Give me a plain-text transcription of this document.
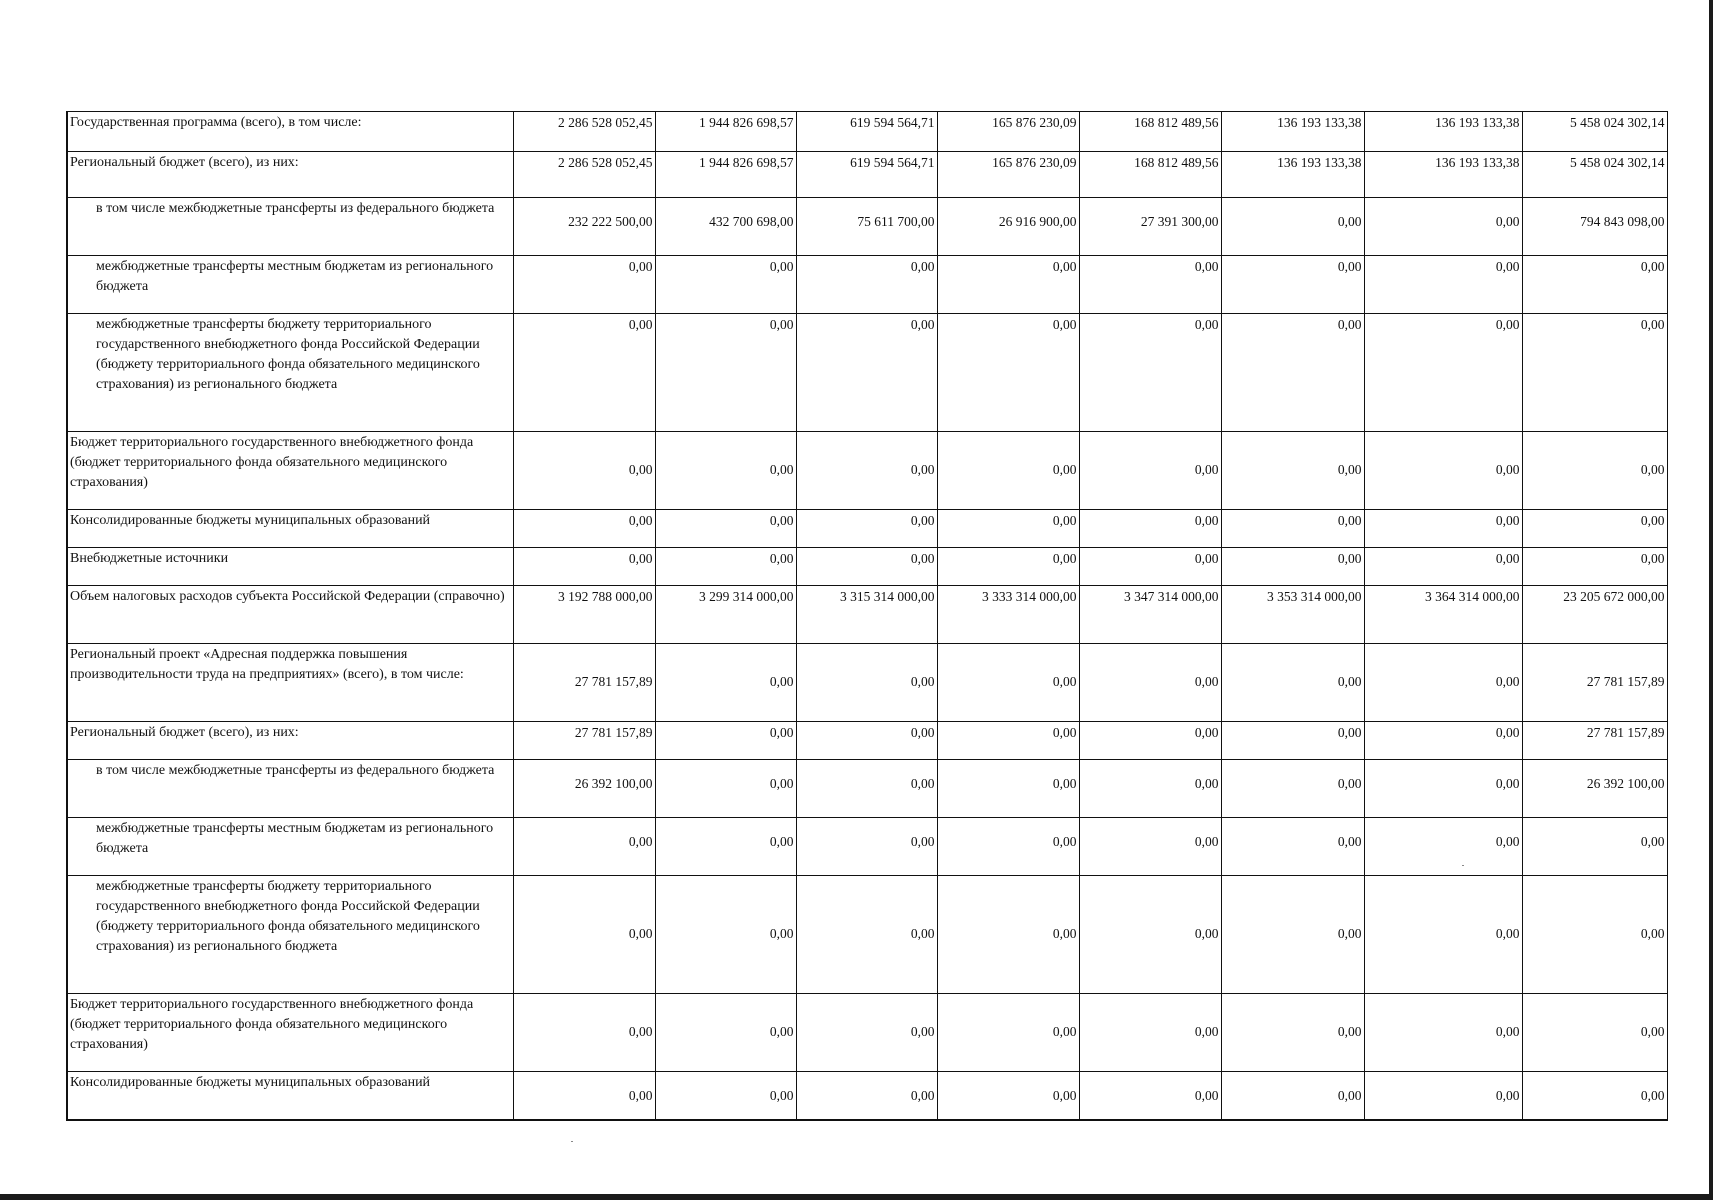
Государственная программа (всего), в том числе:	2 286 528 052,45	1 944 826 698,57	619 594 564,71	165 876 230,09	168 812 489,56	136 193 133,38	136 193 133,38	5 458 024 302,14
Региональный бюджет (всего), из них:	2 286 528 052,45	1 944 826 698,57	619 594 564,71	165 876 230,09	168 812 489,56	136 193 133,38	136 193 133,38	5 458 024 302,14
в том числе межбюджетные трансферты из федерального бюджета	232 222 500,00	432 700 698,00	75 611 700,00	26 916 900,00	27 391 300,00	0,00	0,00	794 843 098,00
межбюджетные трансферты местным бюджетам из регионального бюджета	0,00	0,00	0,00	0,00	0,00	0,00	0,00	0,00
межбюджетные трансферты бюджету территориального государственного внебюджетного фонда Российской Федерации (бюджету территориального фонда обязательного медицинского страхования) из регионального бюджета	0,00	0,00	0,00	0,00	0,00	0,00	0,00	0,00
Бюджет территориального государственного внебюджетного фонда (бюджет территориального фонда обязательного медицинского страхования)	0,00	0,00	0,00	0,00	0,00	0,00	0,00	0,00
Консолидированные бюджеты муниципальных образований	0,00	0,00	0,00	0,00	0,00	0,00	0,00	0,00
Внебюджетные источники	0,00	0,00	0,00	0,00	0,00	0,00	0,00	0,00
Объем налоговых расходов субъекта Российской Федерации (справочно)	3 192 788 000,00	3 299 314 000,00	3 315 314 000,00	3 333 314 000,00	3 347 314 000,00	3 353 314 000,00	3 364 314 000,00	23 205 672 000,00
Региональный проект «Адресная поддержка повышения производительности труда на предприятиях» (всего), в том числе:	27 781 157,89	0,00	0,00	0,00	0,00	0,00	0,00	27 781 157,89
Региональный бюджет (всего), из них:	27 781 157,89	0,00	0,00	0,00	0,00	0,00	0,00	27 781 157,89
в том числе межбюджетные трансферты из федерального бюджета	26 392 100,00	0,00	0,00	0,00	0,00	0,00	0,00	26 392 100,00
межбюджетные трансферты местным бюджетам из регионального бюджета	0,00	0,00	0,00	0,00	0,00	0,00	0,00	0,00
межбюджетные трансферты бюджету территориального государственного внебюджетного фонда Российской Федерации (бюджету территориального фонда обязательного медицинского страхования) из регионального бюджета	0,00	0,00	0,00	0,00	0,00	0,00	0,00	0,00
Бюджет территориального государственного внебюджетного фонда (бюджет территориального фонда обязательного медицинского страхования)	0,00	0,00	0,00	0,00	0,00	0,00	0,00	0,00
Консолидированные бюджеты муниципальных образований	0,00	0,00	0,00	0,00	0,00	0,00	0,00	0,00
